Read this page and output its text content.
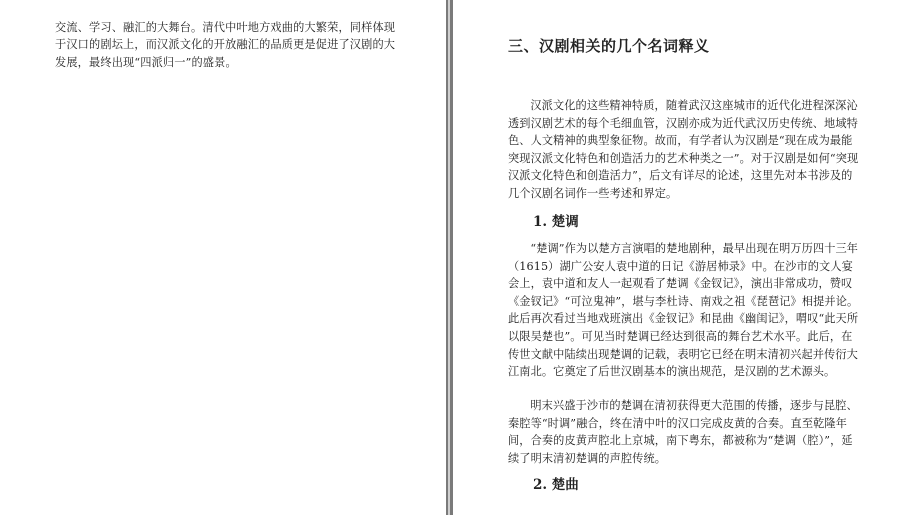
交流、学习、融汇的大舞台。清代中叶地方戏曲的大繁荣，同样体现于汉口的剧坛上，而汉派文化的开放融汇的品质更是促进了汉剧的大发展，最终出现“四派归一”的盛景。

三、汉剧相关的几个名词释义

汉派文化的这些精神特质，随着武汉这座城市的近代化进程深深沁透到汉剧艺术的每个毛细血管，汉剧亦成为近代武汉历史传统、地域特色、人文精神的典型象征物。故而，有学者认为汉剧是“现在成为最能突现汉派文化特色和创造活力的艺术种类之一”。对于汉剧是如何“突现汉派文化特色和创造活力”，后文有详尽的论述，这里先对本书涉及的几个汉剧名词作一些考述和界定。

1. 楚调

“楚调”作为以楚方言演唱的楚地剧种，最早出现在明万历四十三年（1615）湖广公安人袁中道的日记《游居杮录》中。在沙市的文人宴会上，袁中道和友人一起观看了楚调《金钗记》，演出非常成功，赞叹《金钗记》“可泣鬼神”，堪与李杜诗、南戏之祖《琵琶记》相提并论。此后再次看过当地戏班演出《金钗记》和昆曲《幽闺记》，喟叹“此天所以限吴楚也”。可见当时楚调已经达到很高的舞台艺术水平。此后，在传世文献中陆续出现楚调的记载，表明它已经在明末清初兴起并传衍大江南北。它奠定了后世汉剧基本的演出规范，是汉剧的艺术源头。

明末兴盛于沙市的楚调在清初获得更大范围的传播，逐步与昆腔、秦腔等“时调”融合，终在清中叶的汉口完成皮黄的合奏。直至乾隆年间，合奏的皮黄声腔北上京城，南下粤东，都被称为“楚调（腔）”，延续了明末清初楚调的声腔传统。

2. 楚曲
